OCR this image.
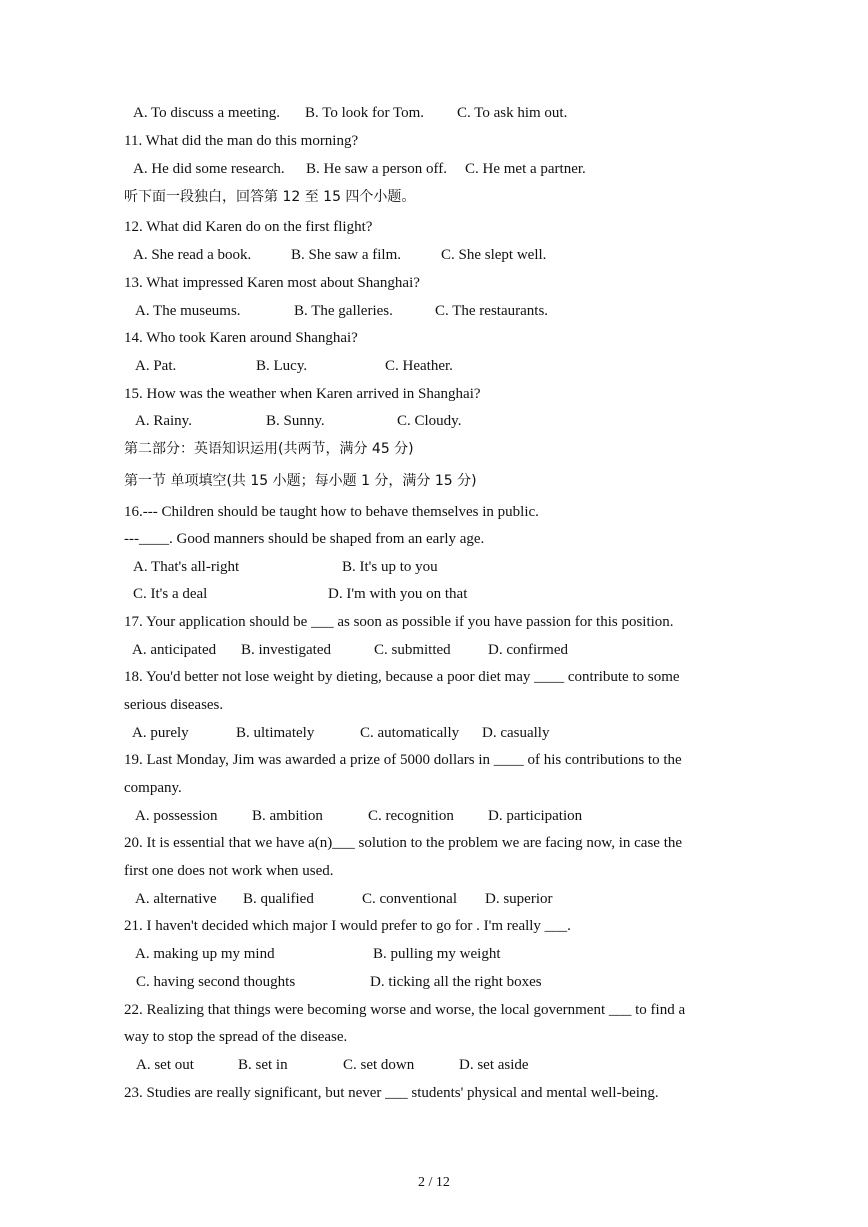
A. To discuss a meeting. B. To look for Tom. C. To ask him out.
11. What did the man do this morning?
A. He did some research. B. He saw a person off. C. He met a partner.
听下面一段独白，回答第 12 至 15 四个小题。
12. What did Karen do on the first flight?
A. She read a book.	B. She saw a film.	C. She slept well.
13. What impressed Karen most about Shanghai?
A. The museums.	B. The galleries.	C. The restaurants.
14. Who took Karen around Shanghai?
A. Pat.	B. Lucy.	C. Heather.
15. How was the weather when Karen arrived in Shanghai?
A. Rainy.	B. Sunny.	C. Cloudy.
第二部分：英语知识运用(共两节，满分 45 分)
第一节 单项填空(共 15 小题；每小题 1 分，满分 15 分)
16.--- Children should be taught how to behave themselves in public.
---____. Good manners should be shaped from an early age.
A. That's all-right	B. It's up to you
C. It's a deal	D. I'm with you on that
17. Your application should be ___ as soon as possible if you have passion for this position.
A. anticipated B. investigated	C. submitted D. confirmed
18. You'd better not lose weight by dieting, because a poor diet may ____ contribute to some
serious diseases.
A. purely	B. ultimately	C. automatically D. casually
19. Last Monday, Jim was awarded a prize of 5000 dollars in ____ of his contributions to the
company.
A. possession B. ambition	C. recognition D. participation
20. It is essential that we have a(n)___ solution to the problem we are facing now, in case the
first one does not work when used.
A. alternative B. qualified	C. conventional D. superior
21. I haven't decided which major I would prefer to go for . I'm really ___.
A. making up my mind	B. pulling my weight
C. having second thoughts	D. ticking all the right boxes
22. Realizing that things were becoming worse and worse, the local government ___ to find a
way to stop the spread of the disease.
A. set out	B. set in	C. set down	D. set aside
23. Studies are really significant, but never ___ students' physical and mental well-being.
2 / 12
